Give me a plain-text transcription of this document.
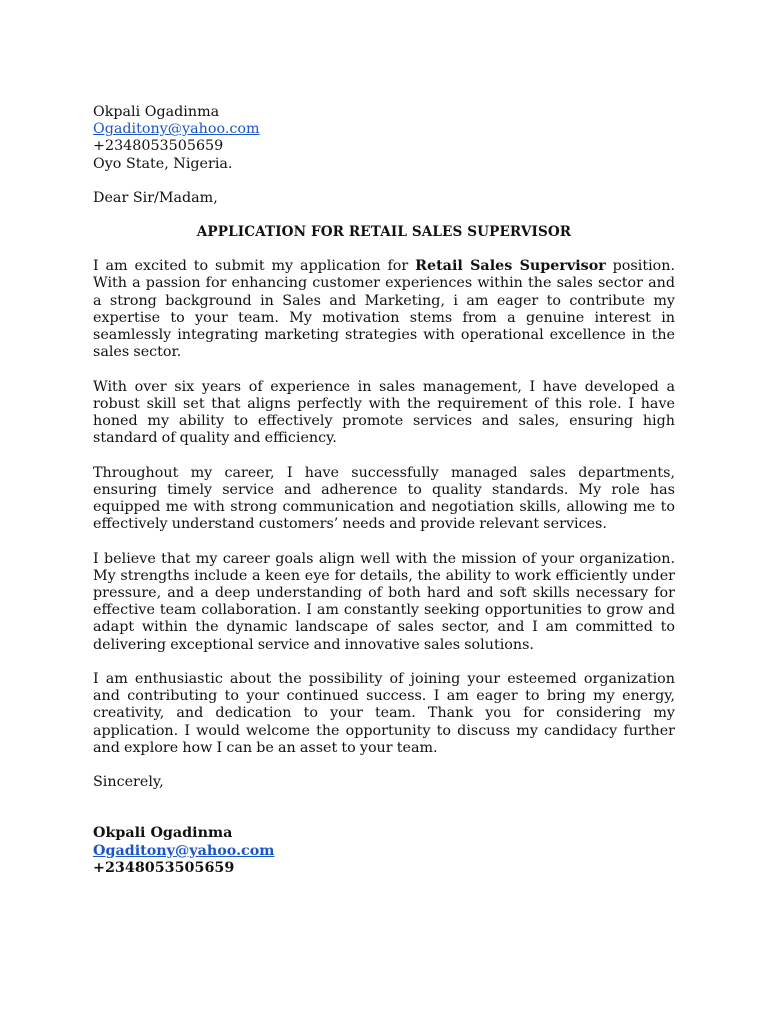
Okpali Ogadinma
Ogaditony@yahoo.com
+2348053505659
Oyo State, Nigeria.
Dear Sir/Madam,
APPLICATION FOR RETAIL SALES SUPERVISOR

I am excited to submit my application for Retail Sales Supervisor position. With a passion for enhancing customer experiences within the sales sector and a strong background in Sales and Marketing, i am eager to contribute my expertise to your team. My motivation stems from a genuine interest in seamlessly integrating marketing strategies with operational excellence in the sales sector.

With over six years of experience in sales management, I have developed a robust skill set that aligns perfectly with the requirement of this role. I have honed my ability to effectively promote services and sales, ensuring high standard of quality and efficiency.

Throughout my career, I have successfully managed sales departments, ensuring timely service and adherence to quality standards. My role has equipped me with strong communication and negotiation skills, allowing me to effectively understand customers’ needs and provide relevant services.

I believe that my career goals align well with the mission of your organization. My strengths include a keen eye for details, the ability to work efficiently under pressure, and a deep understanding of both hard and soft skills necessary for effective team collaboration. I am constantly seeking opportunities to grow and adapt within the dynamic landscape of sales sector, and I am committed to delivering exceptional service and innovative sales solutions.

I am enthusiastic about the possibility of joining your esteemed organization and contributing to your continued success. I am eager to bring my energy, creativity, and dedication to your team. Thank you for considering my application. I would welcome the opportunity to discuss my candidacy further and explore how I can be an asset to your team.

Sincerely,
Okpali Ogadinma
Ogaditony@yahoo.com
+2348053505659
